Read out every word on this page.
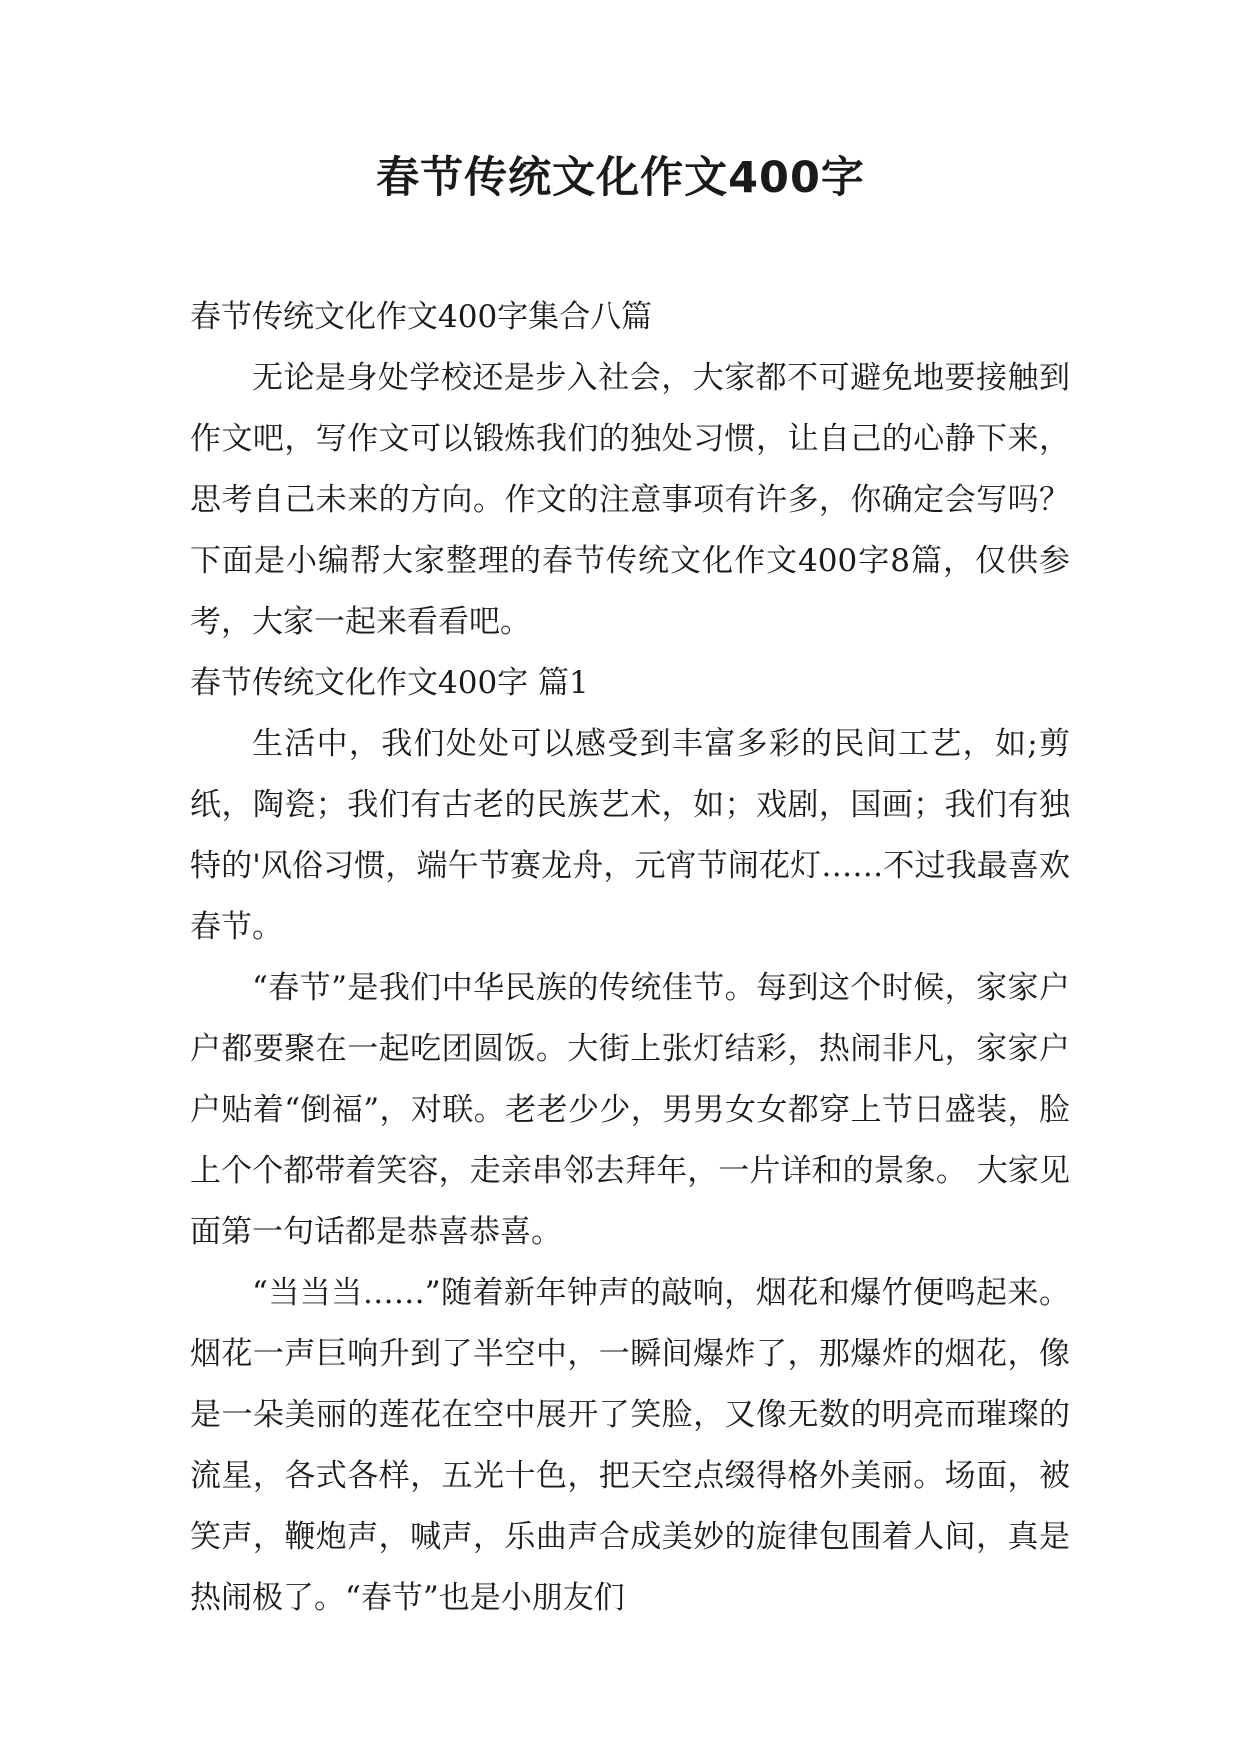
春节传统文化作文400字

春节传统文化作文400字集合八篇

无论是身处学校还是步入社会，大家都不可避免地要接触到作文吧，写作文可以锻炼我们的独处习惯，让自己的心静下来，思考自己未来的方向。作文的注意事项有许多，你确定会写吗？下面是小编帮大家整理的春节传统文化作文400字8篇，仅供参考，大家一起来看看吧。

春节传统文化作文400字 篇1

生活中，我们处处可以感受到丰富多彩的民间工艺，如;剪纸，陶瓷；我们有古老的民族艺术，如；戏剧，国画；我们有独特的'风俗习惯，端午节赛龙舟，元宵节闹花灯……不过我最喜欢春节。

“春节”是我们中华民族的传统佳节。每到这个时候，家家户户都要聚在一起吃团圆饭。大街上张灯结彩，热闹非凡，家家户户贴着“倒福”，对联。老老少少，男男女女都穿上节日盛装，脸上个个都带着笑容，走亲串邻去拜年，一片详和的景象。 大家见面第一句话都是恭喜恭喜。

“当当当……”随着新年钟声的敲响，烟花和爆竹便鸣起来。烟花一声巨响升到了半空中，一瞬间爆炸了，那爆炸的烟花，像是一朵美丽的莲花在空中展开了笑脸，又像无数的明亮而璀璨的流星，各式各样，五光十色，把天空点缀得格外美丽。场面，被笑声，鞭炮声，喊声，乐曲声合成美妙的旋律包围着人间，真是热闹极了。“春节”也是小朋友们
